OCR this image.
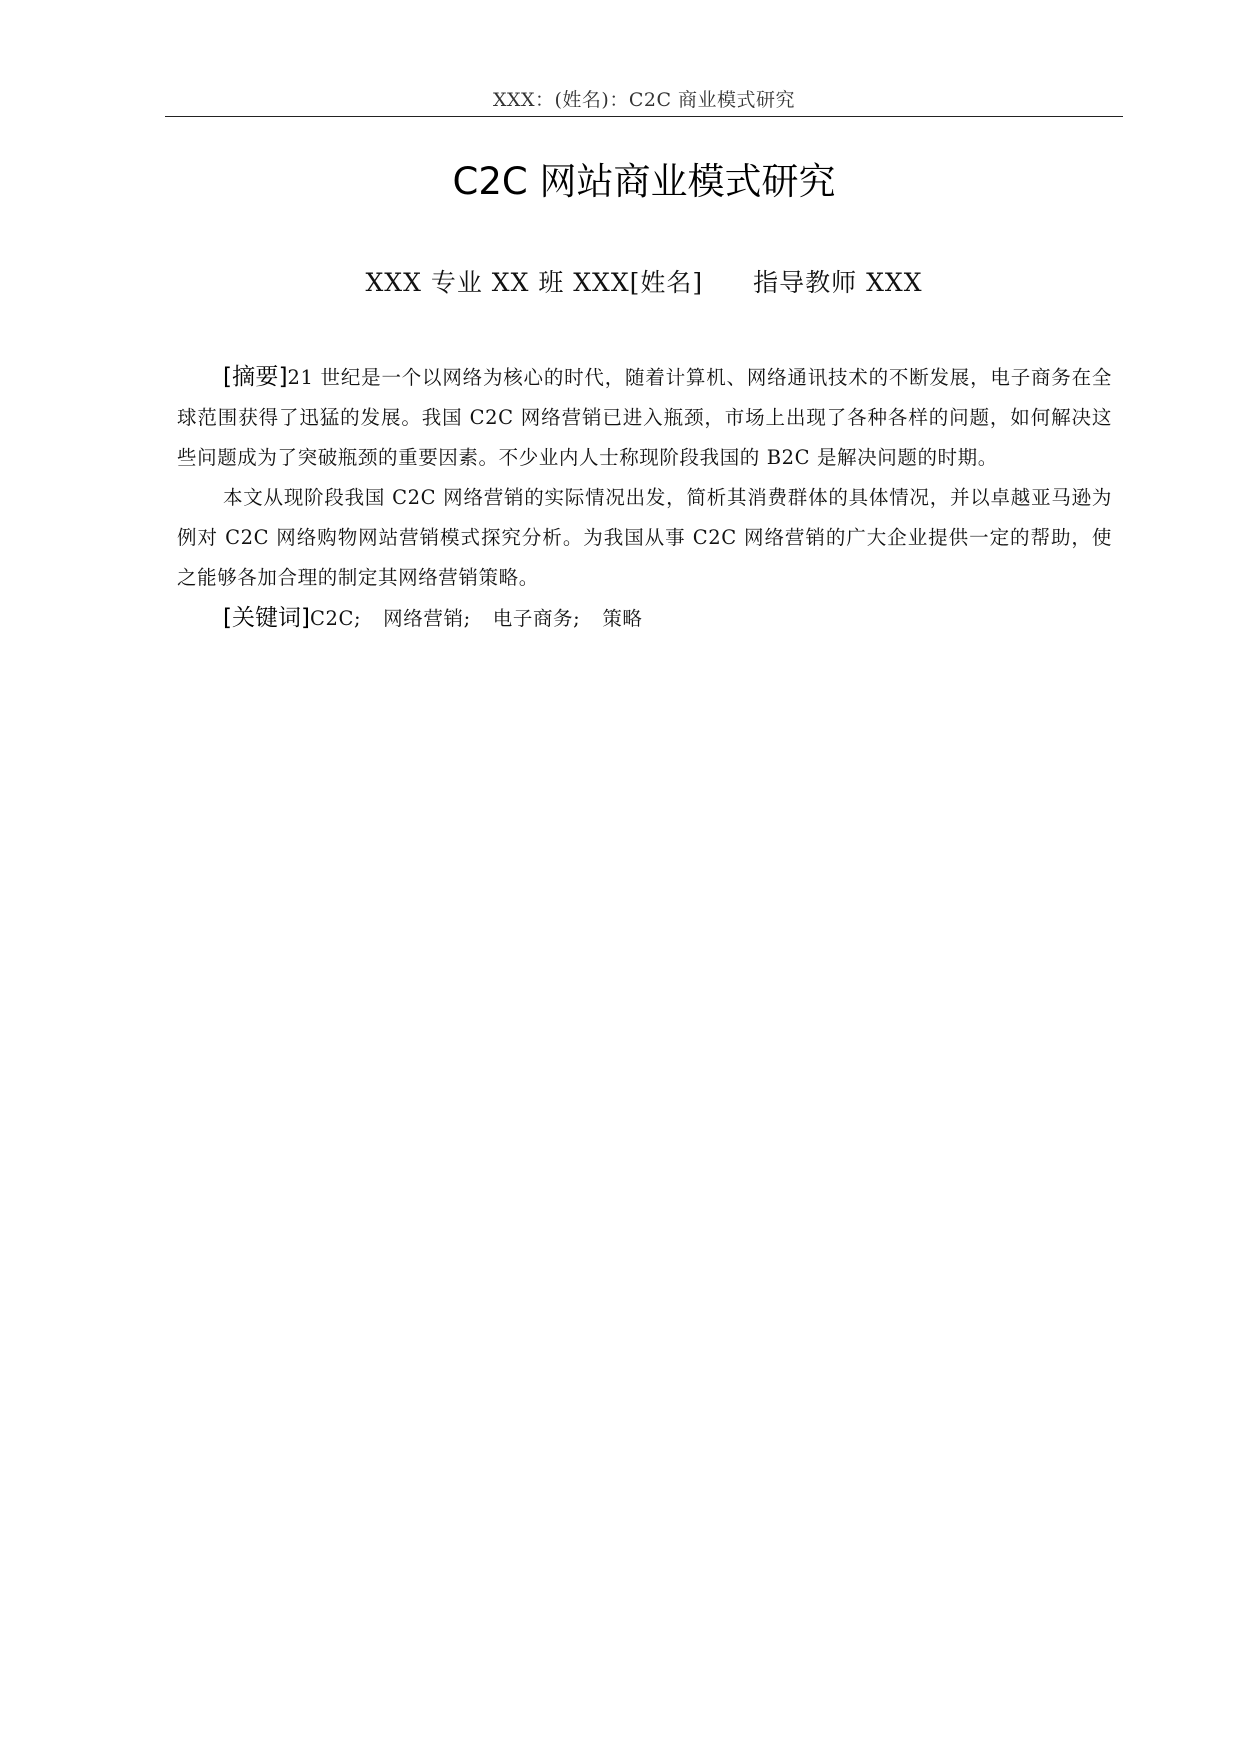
XXX：(姓名)：C2C 商业模式研究
C2C 网站商业模式研究
XXX 专业 XX 班 XXX[姓名] 指导教师 XXX

[摘要]21 世纪是一个以网络为核心的时代，随着计算机、网络通讯技术的不断发展，电子商务在全球范围获得了迅猛的发展。我国 C2C 网络营销已进入瓶颈，市场上出现了各种各样的问题，如何解决这些问题成为了突破瓶颈的重要因素。不少业内人士称现阶段我国的 B2C 是解决问题的时期。

本文从现阶段我国 C2C 网络营销的实际情况出发，简析其消费群体的具体情况，并以卓越亚马逊为例对 C2C 网络购物网站营销模式探究分析。为我国从事 C2C 网络营销的广大企业提供一定的帮助，使之能够各加合理的制定其网络营销策略。

[关键词]C2C; 网络营销; 电子商务; 策略
